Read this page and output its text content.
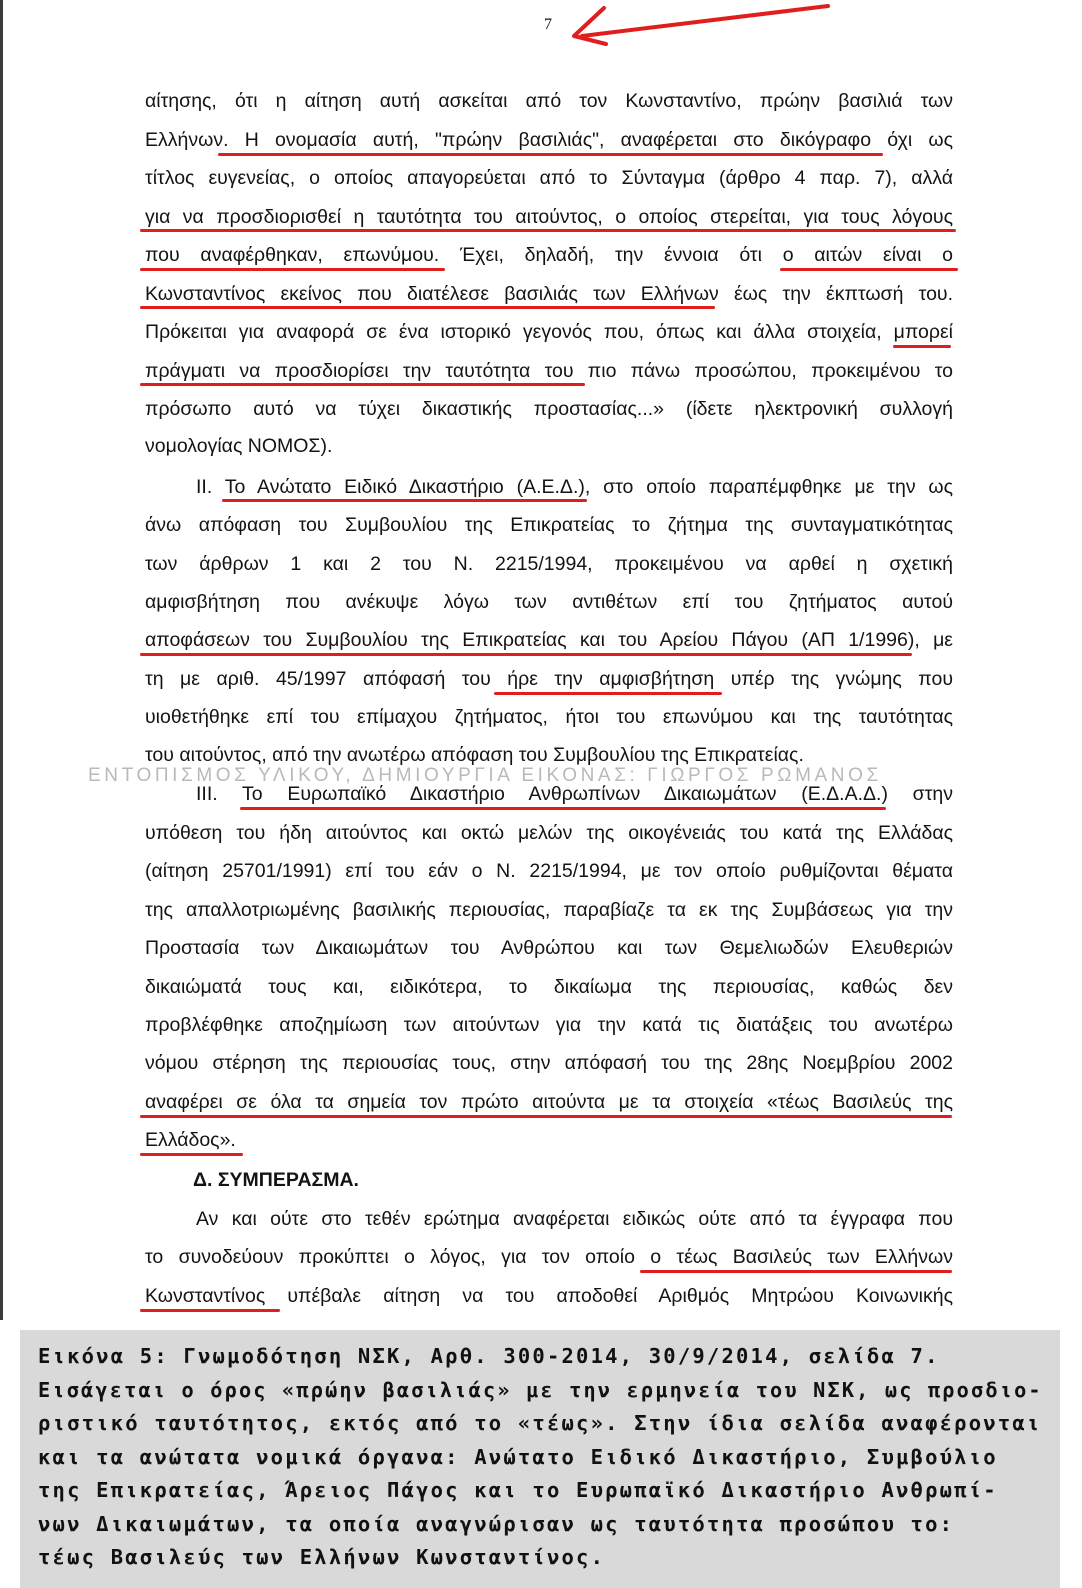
7
αίτησης, ότι η αίτηση αυτή ασκείται από τον Κωνσταντίνο, πρώην βασιλιά των
Ελλήνων. Η ονομασία αυτή, "πρώην βασιλιάς", αναφέρεται στο δικόγραφο όχι ως
τίτλος ευγενείας, ο οποίος απαγορεύεται από το Σύνταγμα (άρθρο 4 παρ. 7), αλλά
για να προσδιορισθεί η ταυτότητα του αιτούντος, ο οποίος στερείται, για τους λόγους
που αναφέρθηκαν, επωνύμου. Έχει, δηλαδή, την έννοια ότι ο αιτών είναι ο
Κωνσταντίνος εκείνος που διατέλεσε βασιλιάς των Ελλήνων έως την έκπτωσή του.
Πρόκειται για αναφορά σε ένα ιστορικό γεγονός που, όπως και άλλα στοιχεία, μπορεί
πράγματι να προσδιορίσει την ταυτότητα του πιο πάνω προσώπου, προκειμένου το
πρόσωπο αυτό να τύχει δικαστικής προστασίας...» (ίδετε ηλεκτρονική συλλογή
νομολογίας ΝΟΜΟΣ).
ΙΙ. Το Ανώτατο Ειδικό Δικαστήριο (Α.Ε.Δ.), στο οποίο παραπέμφθηκε με την ως
άνω απόφαση του Συμβουλίου της Επικρατείας το ζήτημα της συνταγματικότητας
των άρθρων 1 και 2 του Ν. 2215/1994, προκειμένου να αρθεί η σχετική
αμφισβήτηση που ανέκυψε λόγω των αντιθέτων επί του ζητήματος αυτού
αποφάσεων του Συμβουλίου της Επικρατείας και του Αρείου Πάγου (ΑΠ 1/1996), με
τη με αριθ. 45/1997 απόφασή του ήρε την αμφισβήτηση υπέρ της γνώμης που
υιοθετήθηκε επί του επίμαχου ζητήματος, ήτοι του επωνύμου και της ταυτότητας
του αιτούντος, από την ανωτέρω απόφαση του Συμβουλίου της Επικρατείας.
ΙΙΙ. Το Ευρωπαϊκό Δικαστήριο Ανθρωπίνων Δικαιωμάτων (Ε.Δ.Α.Δ.) στην
υπόθεση του ήδη αιτούντος και οκτώ μελών της οικογένειάς του κατά της Ελλάδας
(αίτηση 25701/1991) επί του εάν ο Ν. 2215/1994, με τον οποίο ρυθμίζονται θέματα
της απαλλοτριωμένης βασιλικής περιουσίας, παραβίαζε τα εκ της Συμβάσεως για την
Προστασία των Δικαιωμάτων του Ανθρώπου και των Θεμελιωδών Ελευθεριών
δικαιώματά τους και, ειδικότερα, το δικαίωμα της περιουσίας, καθώς δεν
προβλέφθηκε αποζημίωση των αιτούντων για την κατά τις διατάξεις του ανωτέρω
νόμου στέρηση της περιουσίας τους, στην απόφασή του της 28ης Νοεμβρίου 2002
αναφέρει σε όλα τα σημεία τον πρώτο αιτούντα με τα στοιχεία «τέως Βασιλεύς της
Ελλάδος».
Δ. ΣΥΜΠΕΡΑΣΜΑ.
Αν και ούτε στο τεθέν ερώτημα αναφέρεται ειδικώς ούτε από τα έγγραφα που
το συνοδεύουν προκύπτει ο λόγος, για τον οποίο ο τέως Βασιλεύς των Ελλήνων
Κωνσταντίνος υπέβαλε αίτηση να του αποδοθεί Αριθμός Μητρώου Κοινωνικής
ΕΝΤΟΠΙΣΜΟΣ ΥΛΙΚΟΥ, ΔΗΜΙΟΥΡΓΙΑ ΕΙΚΟΝΑΣ: ΓΙΩΡΓΟΣ ΡΩΜΑΝΟΣ
Εικόνα 5: Γνωμοδότηση ΝΣΚ, Αρθ. 300-2014, 30/9/2014, σελίδα 7.
Εισάγεται ο όρος «πρώην βασιλιάς» με την ερμηνεία του ΝΣΚ, ως προσδιο-
ριστικό ταυτότητος, εκτός από το «τέως». Στην ίδια σελίδα αναφέρονται
και τα ανώτατα νομικά όργανα: Ανώτατο Ειδικό Δικαστήριο, Συμβούλιο
της Επικρατείας, Άρειος Πάγος και το Ευρωπαϊκό Δικαστήριο Ανθρωπί-
νων Δικαιωμάτων, τα οποία αναγνώρισαν ως ταυτότητα προσώπου το:
τέως Βασιλεύς των Ελλήνων Κωνσταντίνος.
